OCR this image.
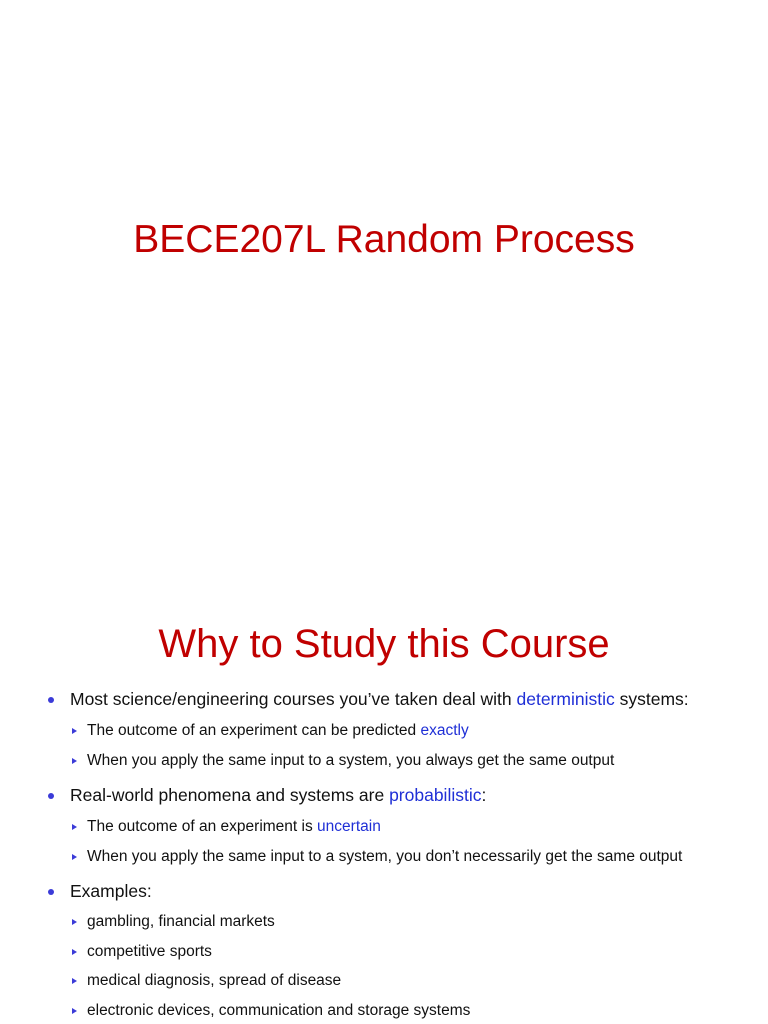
BECE207L Random Process
Why to Study this Course
Most science/engineering courses you’ve taken deal with deterministic systems:
The outcome of an experiment can be predicted exactly
When you apply the same input to a system, you always get the same output
Real-world phenomena and systems are probabilistic:
The outcome of an experiment is uncertain
When you apply the same input to a system, you don’t necessarily get the same output
Examples:
gambling, financial markets
competitive sports
medical diagnosis, spread of disease
electronic devices, communication and storage systems
